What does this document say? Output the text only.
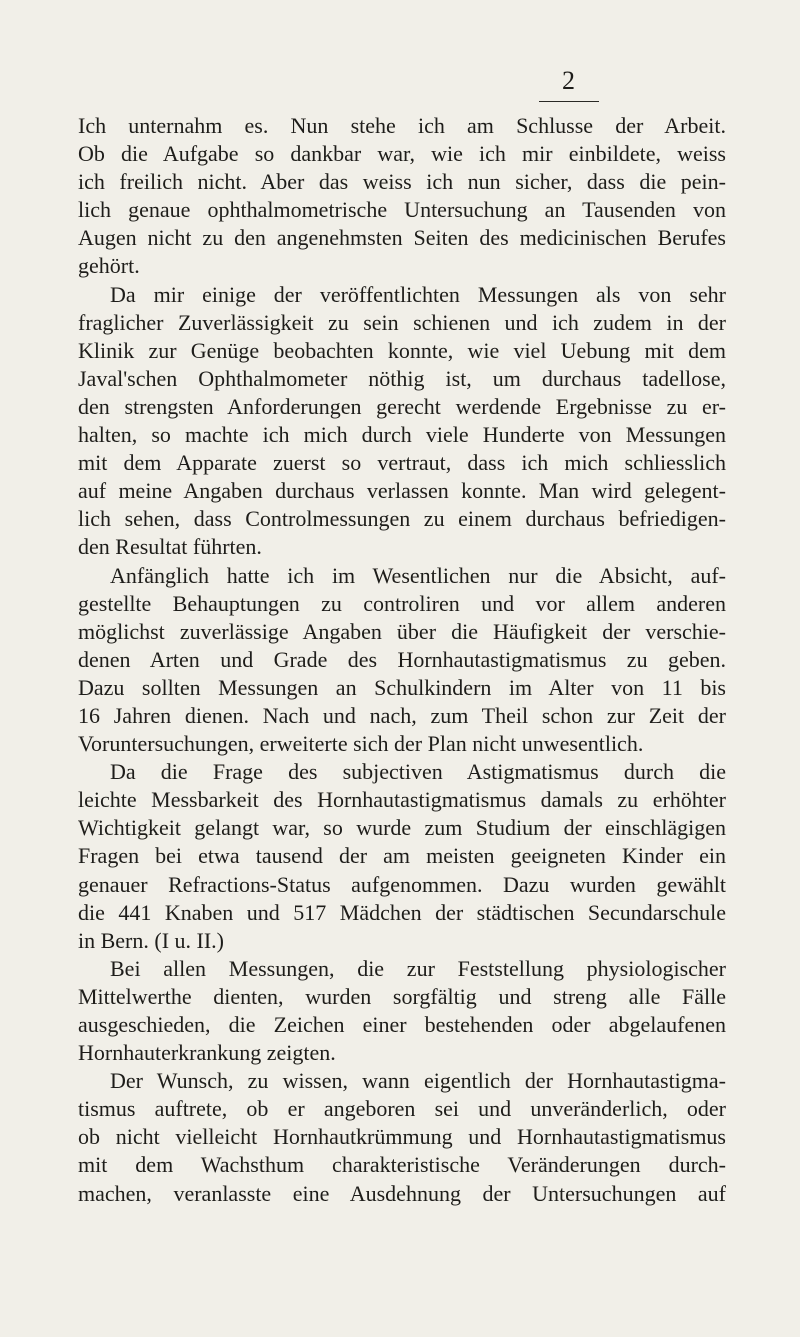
2
Ich unternahm es. Nun stehe ich am Schlusse der Arbeit.
Ob die Aufgabe so dankbar war, wie ich mir einbildete, weiss
ich freilich nicht. Aber das weiss ich nun sicher, dass die pein-
lich genaue ophthalmometrische Untersuchung an Tausenden von
Augen nicht zu den angenehmsten Seiten des medicinischen Berufes
gehört.
Da mir einige der veröffentlichten Messungen als von sehr
fraglicher Zuverlässigkeit zu sein schienen und ich zudem in der
Klinik zur Genüge beobachten konnte, wie viel Uebung mit dem
Javal'schen Ophthalmometer nöthig ist, um durchaus tadellose,
den strengsten Anforderungen gerecht werdende Ergebnisse zu er-
halten, so machte ich mich durch viele Hunderte von Messungen
mit dem Apparate zuerst so vertraut, dass ich mich schliesslich
auf meine Angaben durchaus verlassen konnte. Man wird gelegent-
lich sehen, dass Controlmessungen zu einem durchaus befriedigen-
den Resultat führten.
Anfänglich hatte ich im Wesentlichen nur die Absicht, auf-
gestellte Behauptungen zu controliren und vor allem anderen
möglichst zuverlässige Angaben über die Häufigkeit der verschie-
denen Arten und Grade des Hornhautastigmatismus zu geben.
Dazu sollten Messungen an Schulkindern im Alter von 11 bis
16 Jahren dienen. Nach und nach, zum Theil schon zur Zeit der
Voruntersuchungen, erweiterte sich der Plan nicht unwesentlich.
Da die Frage des subjectiven Astigmatismus durch die
leichte Messbarkeit des Hornhautastigmatismus damals zu erhöhter
Wichtigkeit gelangt war, so wurde zum Studium der einschlägigen
Fragen bei etwa tausend der am meisten geeigneten Kinder ein
genauer Refractions-Status aufgenommen. Dazu wurden gewählt
die 441 Knaben und 517 Mädchen der städtischen Secundarschule
in Bern. (I u. II.)
Bei allen Messungen, die zur Feststellung physiologischer
Mittelwerthe dienten, wurden sorgfältig und streng alle Fälle
ausgeschieden, die Zeichen einer bestehenden oder abgelaufenen
Hornhauterkrankung zeigten.
Der Wunsch, zu wissen, wann eigentlich der Hornhautastigma-
tismus auftrete, ob er angeboren sei und unveränderlich, oder
ob nicht vielleicht Hornhautkrümmung und Hornhautastigmatismus
mit dem Wachsthum charakteristische Veränderungen durch-
machen, veranlasste eine Ausdehnung der Untersuchungen auf
